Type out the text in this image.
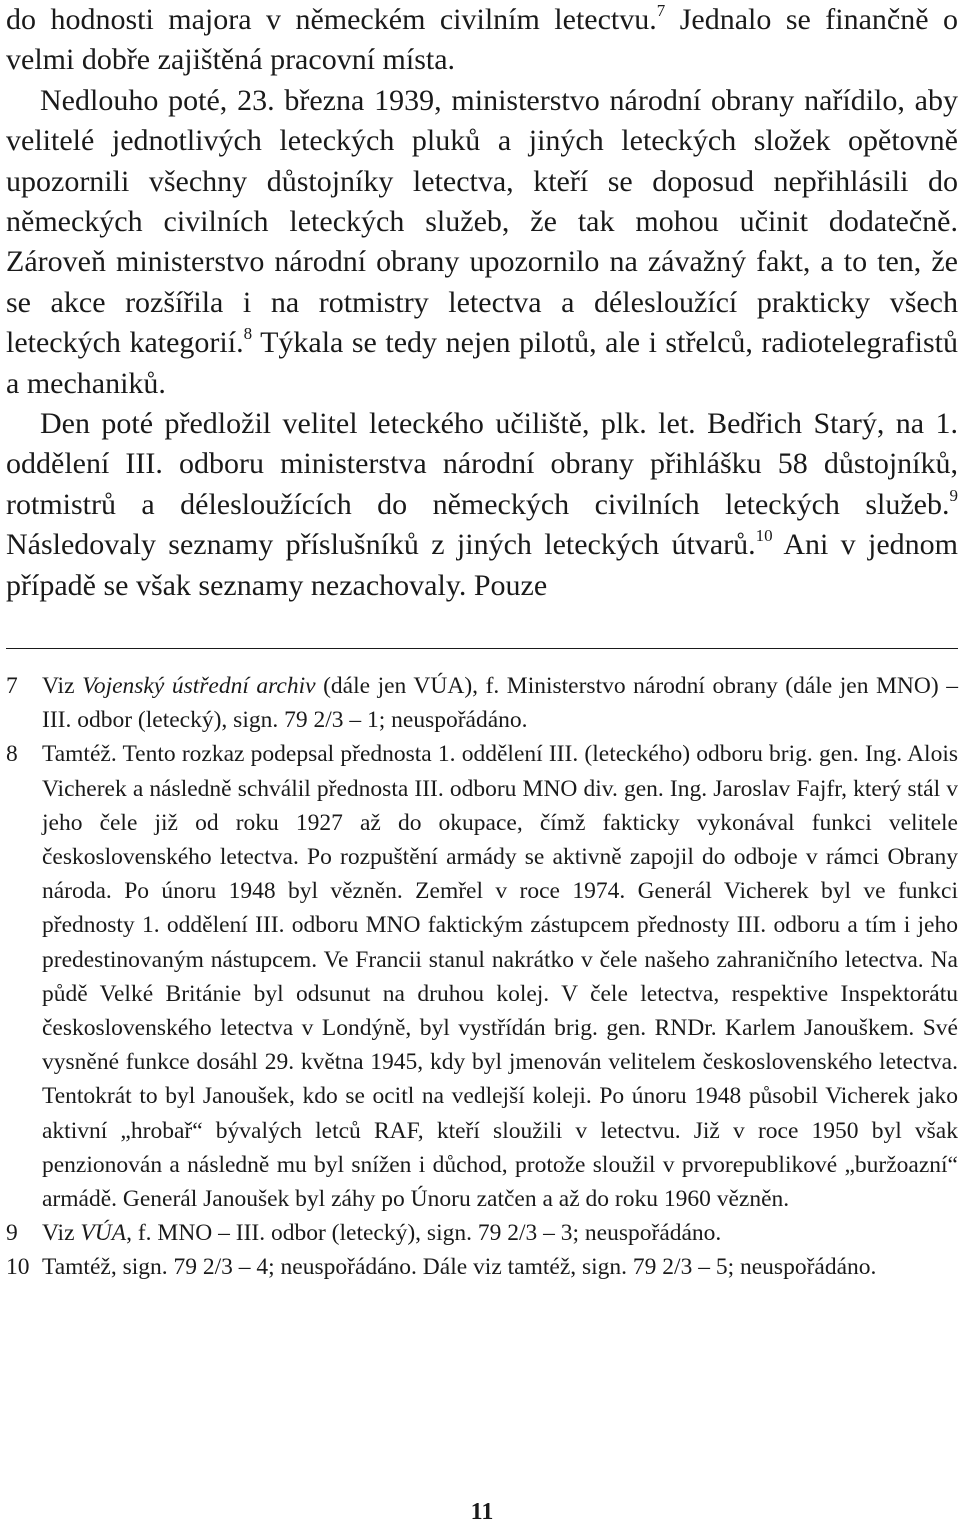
do hodnosti majora v německém civilním letectvu.$^7$ Jednalo se finančně o velmi dobře zajištěná pracovní místa.

Nedlouho poté, 23. března 1939, ministerstvo národní obrany nařídilo, aby velitelé jednotlivých leteckých pluků a jiných leteckých složek opětovně upozornili všechny důstojníky letectva, kteří se doposud nepřihlásili do německých civilních leteckých služeb, že tak mohou učinit dodatečně. Zároveň ministerstvo národní obrany upozornilo na závažný fakt, a to ten, že se akce rozšířila i na rotmistry letectva a délesloužící prakticky všech leteckých kategorií.$^8$ Týkala se tedy nejen pilotů, ale i střelců, radiotelegrafistů a mechaniků.

Den poté předložil velitel leteckého učiliště, plk. let. Bedřich Starý, na 1. oddělení III. odboru ministerstva národní obrany přihlášku 58 důstojníků, rotmistrů a délesloužících do německých civilních leteckých služeb.$^9$ Následovaly seznamy příslušníků z jiných leteckých útvarů.$^{10}$ Ani v jednom případě se však seznamy nezachovaly. Pouze

7	Viz Vojenský ústřední archiv (dále jen VÚA), f. Ministerstvo národní obrany (dále jen MNO) – III. odbor (letecký), sign. 79 2/3 – 1; neuspořádáno.
8	Tamtéž. Tento rozkaz podepsal přednosta 1. oddělení III. (leteckého) odboru brig. gen. Ing. Alois Vicherek a následně schválil přednosta III. odboru MNO div. gen. Ing. Jaroslav Fajfr, který stál v jeho čele již od roku 1927 až do okupace, čímž fakticky vykonával funkci velitele československého letectva. Po rozpuštění armády se aktivně zapojil do odboje v rámci Obrany národa. Po únoru 1948 byl vězněn. Zemřel v roce 1974. Generál Vicherek byl ve funkci přednosty 1. oddělení III. odboru MNO faktickým zástupcem přednosty III. odboru a tím i jeho predestinovaným nástupcem. Ve Francii stanul nakrátko v čele našeho zahraničního letectva. Na půdě Velké Británie byl odsunut na druhou kolej. V čele letectva, respektive Inspektorátu československého letectva v Londýně, byl vystřídán brig. gen. RNDr. Karlem Janouškem. Své vysněné funkce dosáhl 29. května 1945, kdy byl jmenován velitelem československého letectva. Tentokrát to byl Janoušek, kdo se ocitl na vedlejší koleji. Po únoru 1948 působil Vicherek jako aktivní „hrobař“ bývalých letců RAF, kteří sloužili v letectvu. Již v roce 1950 byl však penzionován a následně mu byl snížen i důchod, protože sloužil v prvorepublikové „buržoazní“ armádě. Generál Janoušek byl záhy po Únoru zatčen a až do roku 1960 vězněn.
9	Viz VÚA, f. MNO – III. odbor (letecký), sign. 79 2/3 – 3; neuspořádáno.
10 Tamtéž, sign. 79 2/3 – 4; neuspořádáno. Dále viz tamtéž, sign. 79 2/3 – 5; neuspořádáno.
11
